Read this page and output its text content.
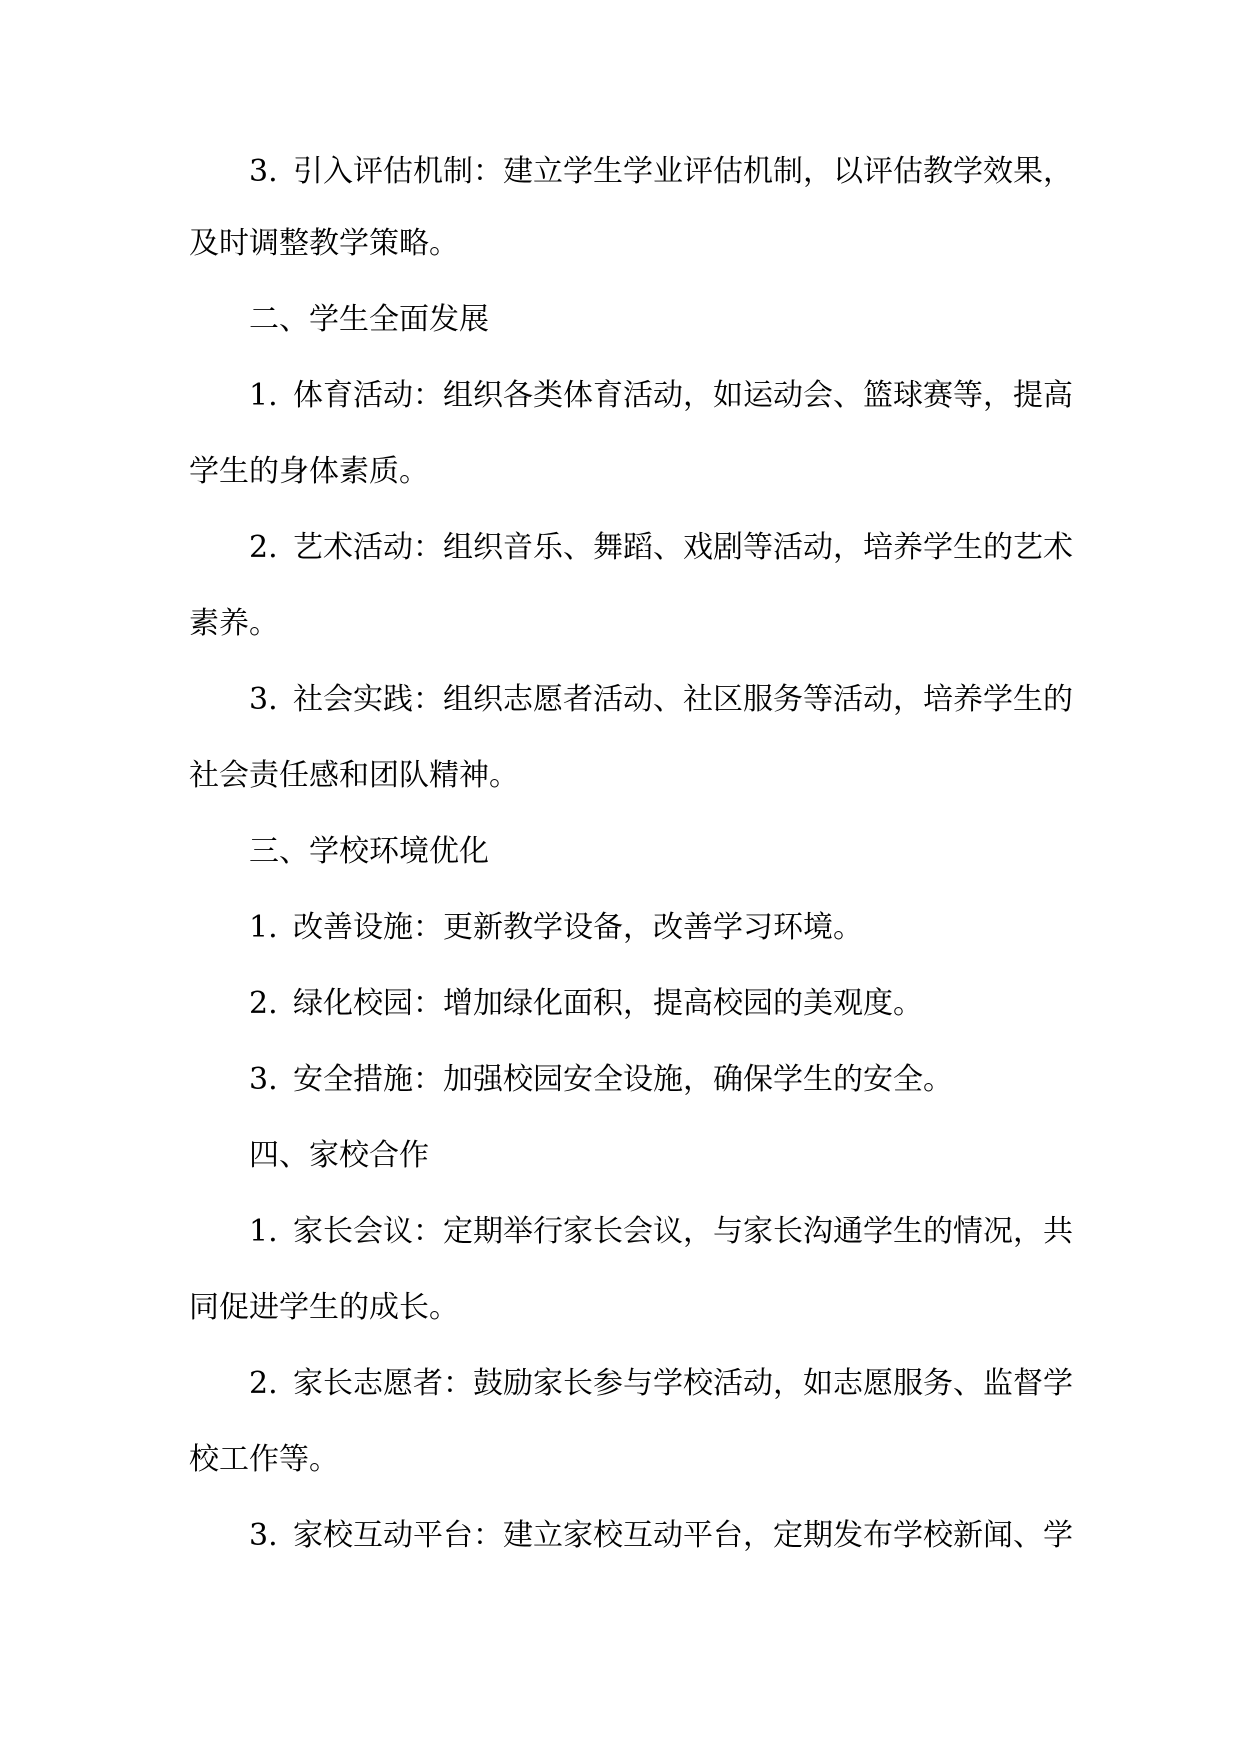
3. 引入评估机制：建立学生学业评估机制，以评估教学效果，
及时调整教学策略。
二、学生全面发展
1. 体育活动：组织各类体育活动，如运动会、篮球赛等，提高
学生的身体素质。
2. 艺术活动：组织音乐、舞蹈、戏剧等活动，培养学生的艺术
素养。
3. 社会实践：组织志愿者活动、社区服务等活动，培养学生的
社会责任感和团队精神。
三、学校环境优化
1. 改善设施：更新教学设备，改善学习环境。
2. 绿化校园：增加绿化面积，提高校园的美观度。
3. 安全措施：加强校园安全设施，确保学生的安全。
四、家校合作
1. 家长会议：定期举行家长会议，与家长沟通学生的情况，共
同促进学生的成长。
2. 家长志愿者：鼓励家长参与学校活动，如志愿服务、监督学
校工作等。
3. 家校互动平台：建立家校互动平台，定期发布学校新闻、学
